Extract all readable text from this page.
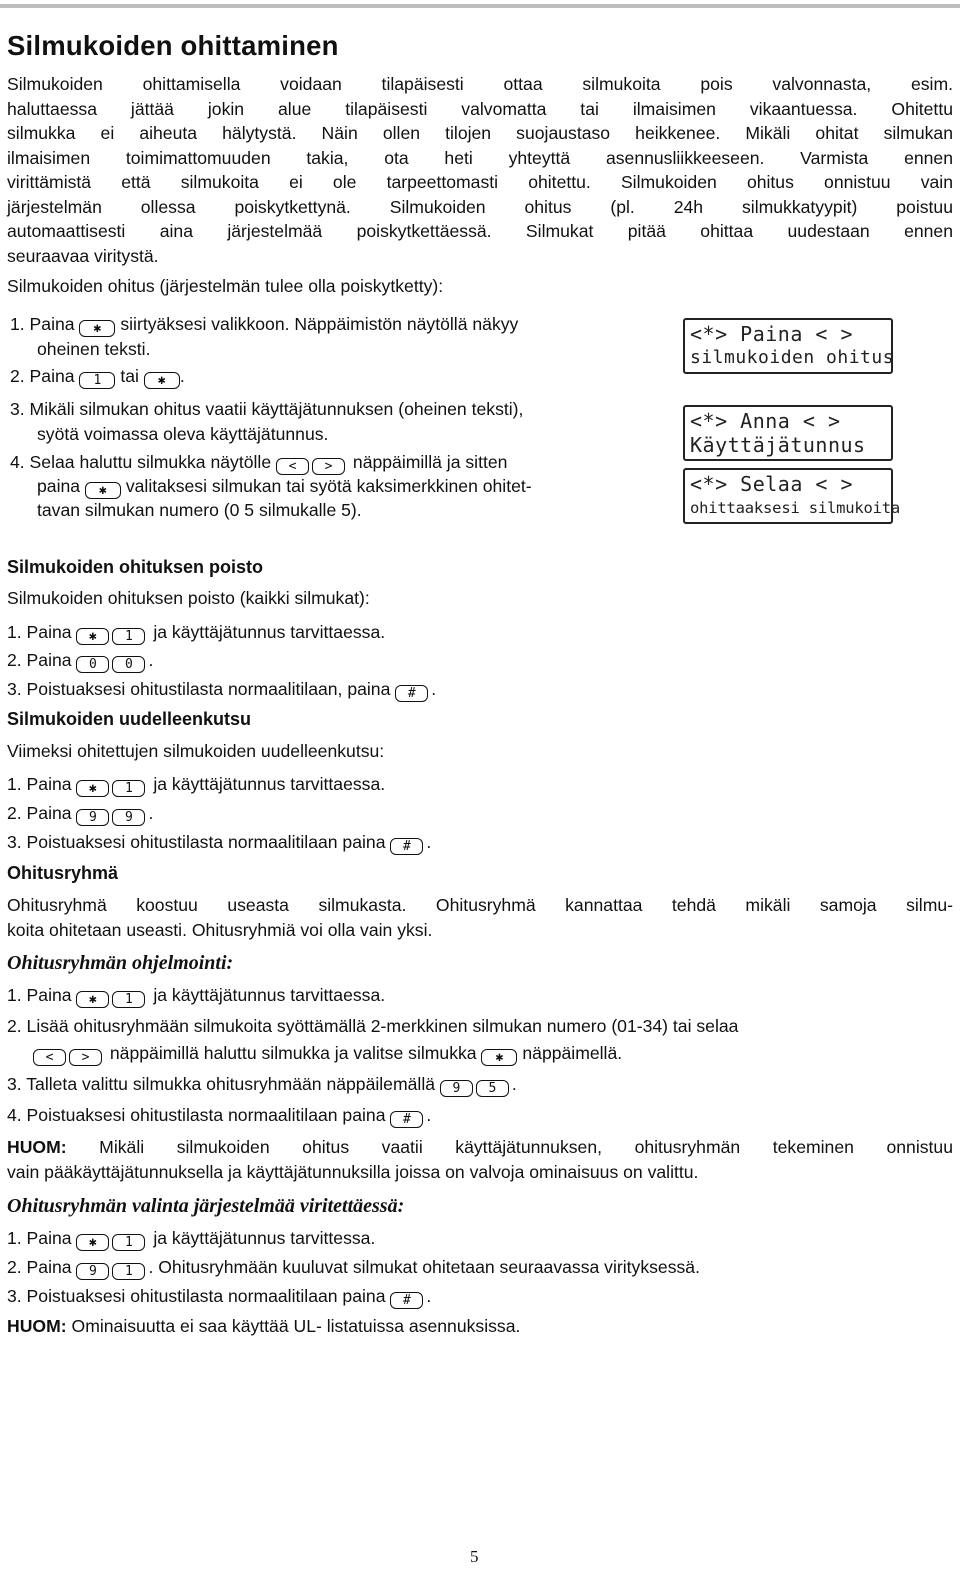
Silmukoiden ohittaminen
Silmukoiden ohittamisella voidaan tilapäisesti ottaa silmukoita pois valvonnasta, esim.
haluttaessa jättää jokin alue tilapäisesti valvomatta tai ilmaisimen vikaantuessa. Ohitettu
silmukka ei aiheuta hälytystä. Näin ollen tilojen suojaustaso heikkenee. Mikäli ohitat silmukan
ilmaisimen toimimattomuuden takia, ota heti yhteyttä asennusliikkeeseen. Varmista ennen
virittämistä että silmukoita ei ole tarpeettomasti ohitettu. Silmukoiden ohitus onnistuu vain
järjestelmän ollessa poiskytkettynä. Silmukoiden ohitus (pl. 24h silmukkatyypit) poistuu
automaattisesti aina järjestelmää poiskytkettäessä. Silmukat pitää ohittaa uudestaan ennen
seuraavaa viritystä.
Silmukoiden ohitus (järjestelmän tulee olla poiskytketty):
1. Paina ✱ siirtyäksesi valikkoon. Näppäimistön näytöllä näkyy
oheinen teksti.
2. Paina 1 tai ✱ .
3. Mikäli silmukan ohitus vaatii käyttäjätunnuksen (oheinen teksti),
syötä voimassa oleva käyttäjätunnus.
4. Selaa haluttu silmukka näytölle < > näppäimillä ja sitten
paina ✱ valitaksesi silmukan tai syötä kaksimerkkinen ohitet-
tavan silmukan numero (0 5 silmukalle 5).
<*> Paina < >
silmukoiden ohitus
<*> Anna < >
Käyttäjätunnus
<*> Selaa < >
ohittaaksesi silmukoita
Silmukoiden ohituksen poisto
Silmukoiden ohituksen poisto (kaikki silmukat):
1. Paina ✱ 1 ja käyttäjätunnus tarvittaessa.
2. Paina 0 0 .
3. Poistuaksesi ohitustilasta normaalitilaan, paina # .
Silmukoiden uudelleenkutsu
Viimeksi ohitettujen silmukoiden uudelleenkutsu:
1. Paina ✱ 1 ja käyttäjätunnus tarvittaessa.
2. Paina 9 9 .
3. Poistuaksesi ohitustilasta normaalitilaan paina # .
Ohitusryhmä
Ohitusryhmä koostuu useasta silmukasta. Ohitusryhmä kannattaa tehdä mikäli samoja silmu-
koita ohitetaan useasti. Ohitusryhmiä voi olla vain yksi.
Ohitusryhmän ohjelmointi:
1. Paina ✱ 1 ja käyttäjätunnus tarvittaessa.
2. Lisää ohitusryhmään silmukoita syöttämällä 2-merkkinen silmukan numero (01-34) tai selaa
< > näppäimillä haluttu silmukka ja valitse silmukka ✱ näppäimellä.
3. Talleta valittu silmukka ohitusryhmään näppäilemällä 9 5 .
4. Poistuaksesi ohitustilasta normaalitilaan paina # .
HUOM: Mikäli silmukoiden ohitus vaatii käyttäjätunnuksen, ohitusryhmän tekeminen onnistuu
vain pääkäyttäjätunnuksella ja käyttäjätunnuksilla joissa on valvoja ominaisuus on valittu.
Ohitusryhmän valinta järjestelmää viritettäessä:
1. Paina ✱ 1 ja käyttäjätunnus tarvittessa.
2. Paina 9 1 . Ohitusryhmään kuuluvat silmukat ohitetaan seuraavassa virityksessä.
3. Poistuaksesi ohitustilasta normaalitilaan paina # .
HUOM: Ominaisuutta ei saa käyttää UL- listatuissa asennuksissa.
5
